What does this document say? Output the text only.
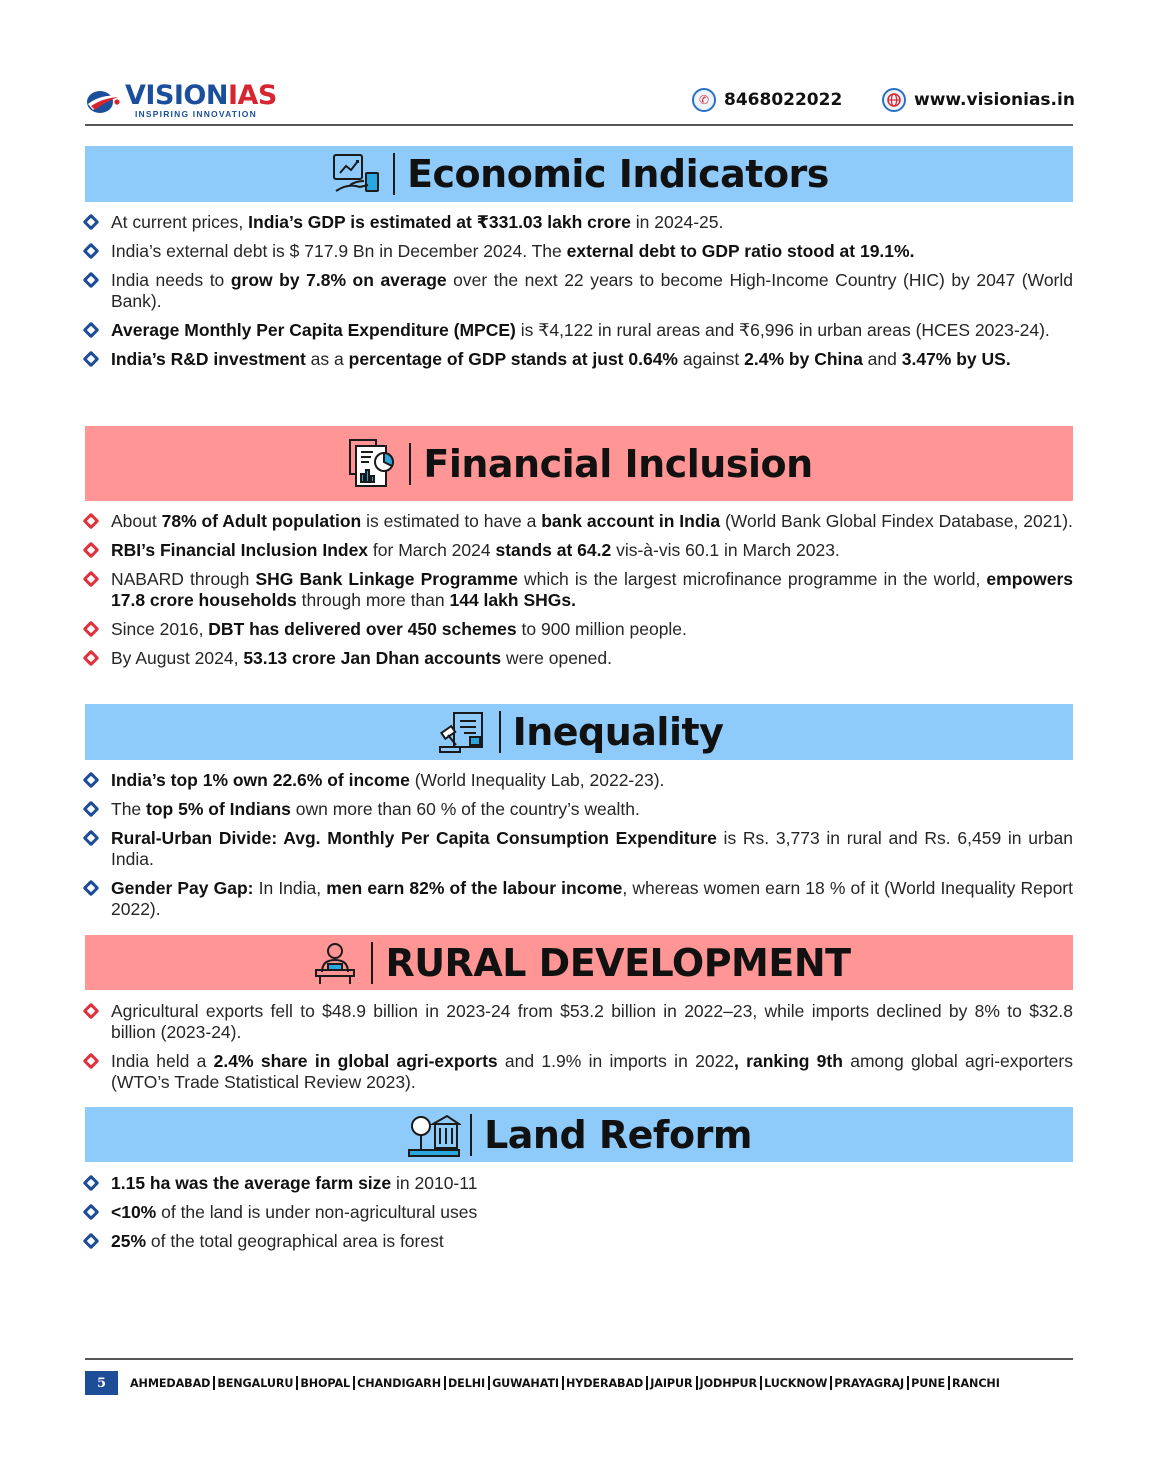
VISIONIAS
INSPIRING INNOVATION
✆ 8468022022	www.visionias.in
Economic Indicators
At current prices, India’s GDP is estimated at ₹331.03 lakh crore in 2024-25.
India’s external debt is $ 717.9 Bn in December 2024. The external debt to GDP ratio stood at 19.1%.
India needs to grow by 7.8% on average over the next 22 years to become High-Income Country (HIC) by 2047 (World Bank).
Average Monthly Per Capita Expenditure (MPCE) is ₹4,122 in rural areas and ₹6,996 in urban areas (HCES 2023-24).
India’s R&D investment as a percentage of GDP stands at just 0.64% against 2.4% by China and 3.47% by US.
Financial Inclusion
About 78% of Adult population is estimated to have a bank account in India (World Bank Global Findex Database, 2021).
RBI’s Financial Inclusion Index for March 2024 stands at 64.2 vis-à-vis 60.1 in March 2023.
NABARD through SHG Bank Linkage Programme which is the largest microfinance programme in the world, empowers 17.8 crore households through more than 144 lakh SHGs.
Since 2016, DBT has delivered over 450 schemes to 900 million people.
By August 2024, 53.13 crore Jan Dhan accounts were opened.
Inequality
India’s top 1% own 22.6% of income (World Inequality Lab, 2022-23).
The top 5% of Indians own more than 60 % of the country’s wealth.
Rural-Urban Divide: Avg. Monthly Per Capita Consumption Expenditure is Rs. 3,773 in rural and Rs. 6,459 in urban India.
Gender Pay Gap: In India, men earn 82% of the labour income, whereas women earn 18 % of it (World Inequality Report 2022).
RURAL DEVELOPMENT
Agricultural exports fell to $48.9 billion in 2023-24 from $53.2 billion in 2022–23, while imports declined by 8% to $32.8 billion (2023-24).
India held a 2.4% share in global agri-exports and 1.9% in imports in 2022, ranking 9th among global agri-exporters (WTO’s Trade Statistical Review 2023).
Land Reform
1.15 ha was the average farm size in 2010-11
<10% of the land is under non-agricultural uses
25% of the total geographical area is forest
5	AHMEDABAD BENGALURU BHOPAL CHANDIGARH DELHI GUWAHATI HYDERABAD JAIPUR JODHPUR LUCKNOW PRAYAGRAJ PUNE RANCHI
